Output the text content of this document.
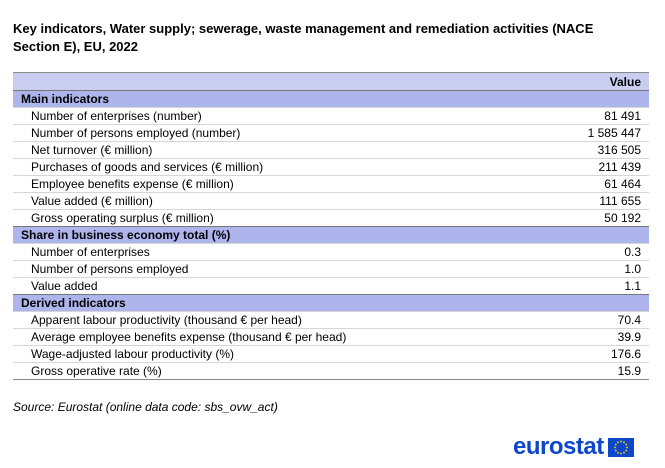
Key indicators, Water supply; sewerage, waste management and remediation activities (NACE Section E), EU, 2022
Value
Main indicators
Number of enterprises (number)	81 491
Number of persons employed (number)	1 585 447
Net turnover (€ million)	316 505
Purchases of goods and services (€ million)	211 439
Employee benefits expense (€ million)	61 464
Value added (€ million)	111 655
Gross operating surplus (€ million)	50 192
Share in business economy total (%)
Number of enterprises	0.3
Number of persons employed	1.0
Value added	1.1
Derived indicators
Apparent labour productivity (thousand € per head)	70.4
Average employee benefits expense (thousand € per head)	39.9
Wage-adjusted labour productivity (%)	176.6
Gross operative rate (%)	15.9
Source: Eurostat (online data code: sbs_ovw_act)
eurostat
